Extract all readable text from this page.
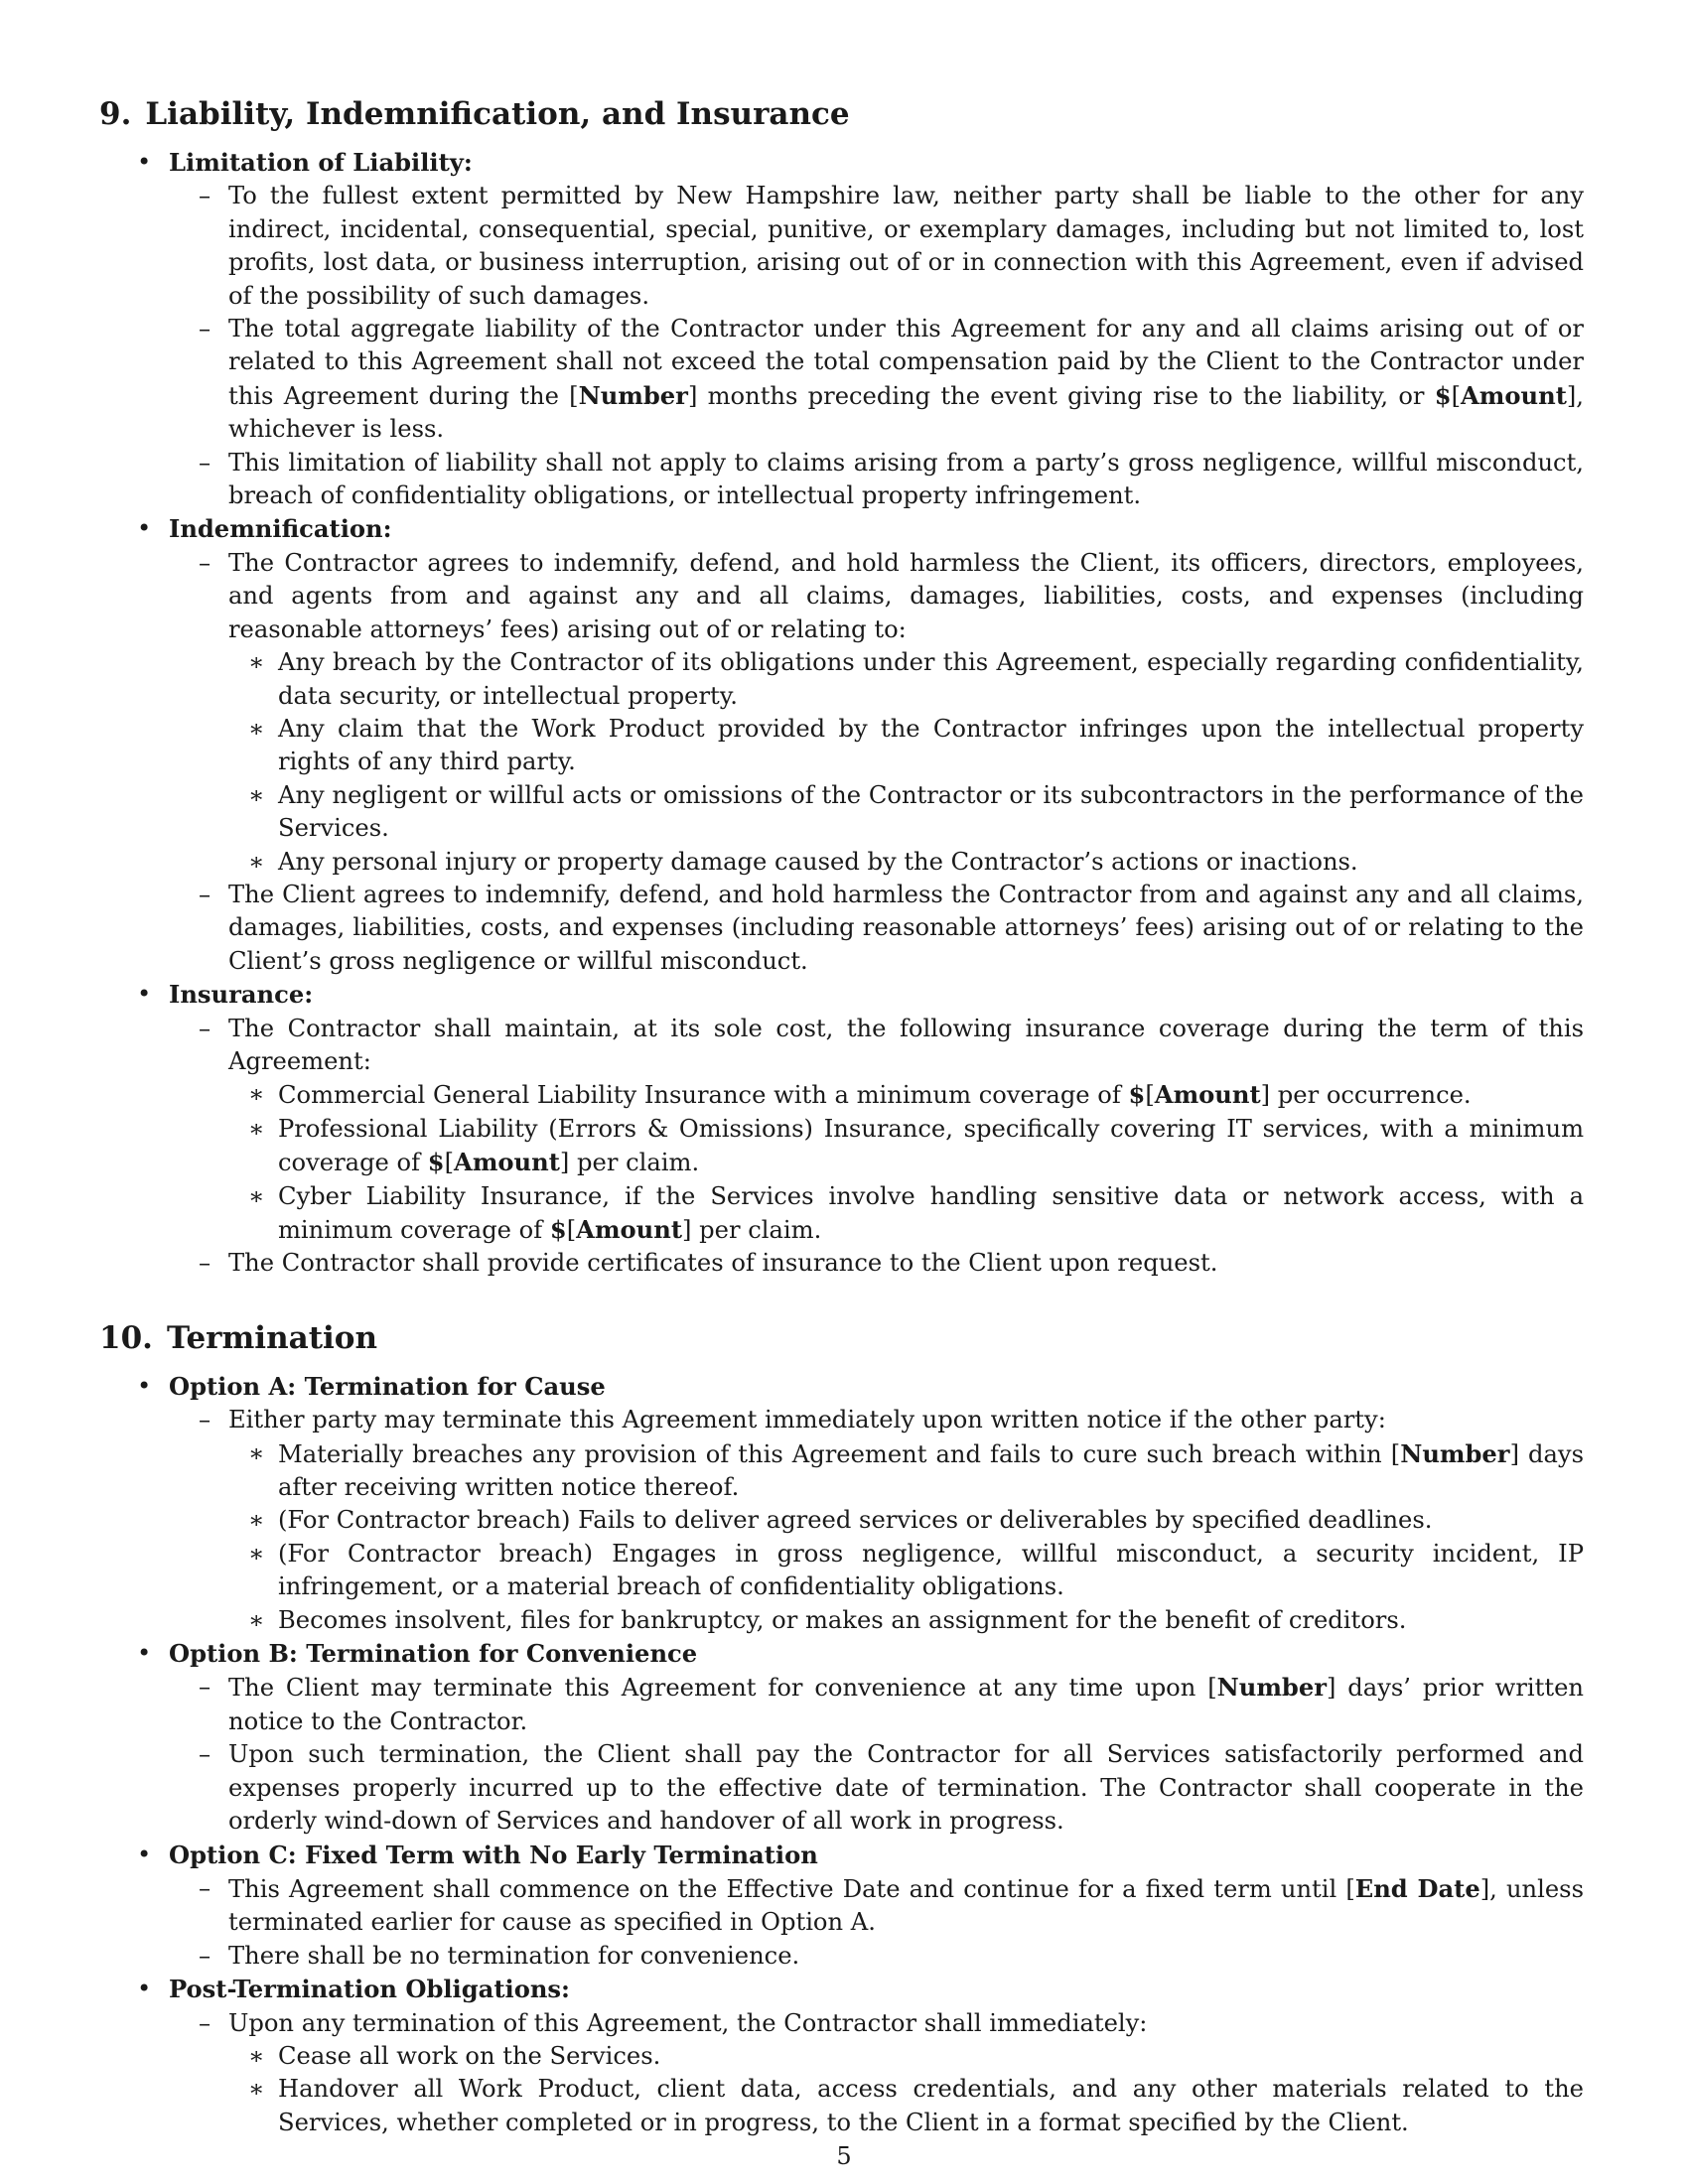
9. Liability, Indemnification, and Insurance
• Limitation of Liability:
– To the fullest extent permitted by New Hampshire law, neither party shall be liable to the other for any indirect, incidental, consequential, special, punitive, or exemplary damages, including but not limited to, lost profits, lost data, or business interruption, arising out of or in connection with this Agreement, even if advised of the possibility of such damages.
– The total aggregate liability of the Contractor under this Agreement for any and all claims arising out of or related to this Agreement shall not exceed the total compensation paid by the Client to the Contractor under this Agreement during the [Number] months preceding the event giving rise to the liability, or $[Amount], whichever is less.
– This limitation of liability shall not apply to claims arising from a party’s gross negligence, willful misconduct, breach of confidentiality obligations, or intellectual property infringement.
• Indemnification:
– The Contractor agrees to indemnify, defend, and hold harmless the Client, its officers, directors, employees, and agents from and against any and all claims, damages, liabilities, costs, and expenses (including reasonable attorneys’ fees) arising out of or relating to:
∗ Any breach by the Contractor of its obligations under this Agreement, especially regarding confidentiality, data security, or intellectual property.
∗ Any claim that the Work Product provided by the Contractor infringes upon the intellectual property rights of any third party.
∗ Any negligent or willful acts or omissions of the Contractor or its subcontractors in the performance of the Services.
∗ Any personal injury or property damage caused by the Contractor’s actions or inactions.
– The Client agrees to indemnify, defend, and hold harmless the Contractor from and against any and all claims, damages, liabilities, costs, and expenses (including reasonable attorneys’ fees) arising out of or relating to the Client’s gross negligence or willful misconduct.
• Insurance:
– The Contractor shall maintain, at its sole cost, the following insurance coverage during the term of this Agreement:
∗ Commercial General Liability Insurance with a minimum coverage of $[Amount] per occurrence.
∗ Professional Liability (Errors & Omissions) Insurance, specifically covering IT services, with a minimum coverage of $[Amount] per claim.
∗ Cyber Liability Insurance, if the Services involve handling sensitive data or network access, with a minimum coverage of $[Amount] per claim.
– The Contractor shall provide certificates of insurance to the Client upon request.
10. Termination
• Option A: Termination for Cause
– Either party may terminate this Agreement immediately upon written notice if the other party:
∗ Materially breaches any provision of this Agreement and fails to cure such breach within [Number] days after receiving written notice thereof.
∗ (For Contractor breach) Fails to deliver agreed services or deliverables by specified deadlines.
∗ (For Contractor breach) Engages in gross negligence, willful misconduct, a security incident, IP infringement, or a material breach of confidentiality obligations.
∗ Becomes insolvent, files for bankruptcy, or makes an assignment for the benefit of creditors.
• Option B: Termination for Convenience
– The Client may terminate this Agreement for convenience at any time upon [Number] days’ prior written notice to the Contractor.
– Upon such termination, the Client shall pay the Contractor for all Services satisfactorily performed and expenses properly incurred up to the effective date of termination. The Contractor shall cooperate in the orderly wind-down of Services and handover of all work in progress.
• Option C: Fixed Term with No Early Termination
– This Agreement shall commence on the Effective Date and continue for a fixed term until [End Date], unless terminated earlier for cause as specified in Option A.
– There shall be no termination for convenience.
• Post-Termination Obligations:
– Upon any termination of this Agreement, the Contractor shall immediately:
∗ Cease all work on the Services.
∗ Handover all Work Product, client data, access credentials, and any other materials related to the Services, whether completed or in progress, to the Client in a format specified by the Client.
5
